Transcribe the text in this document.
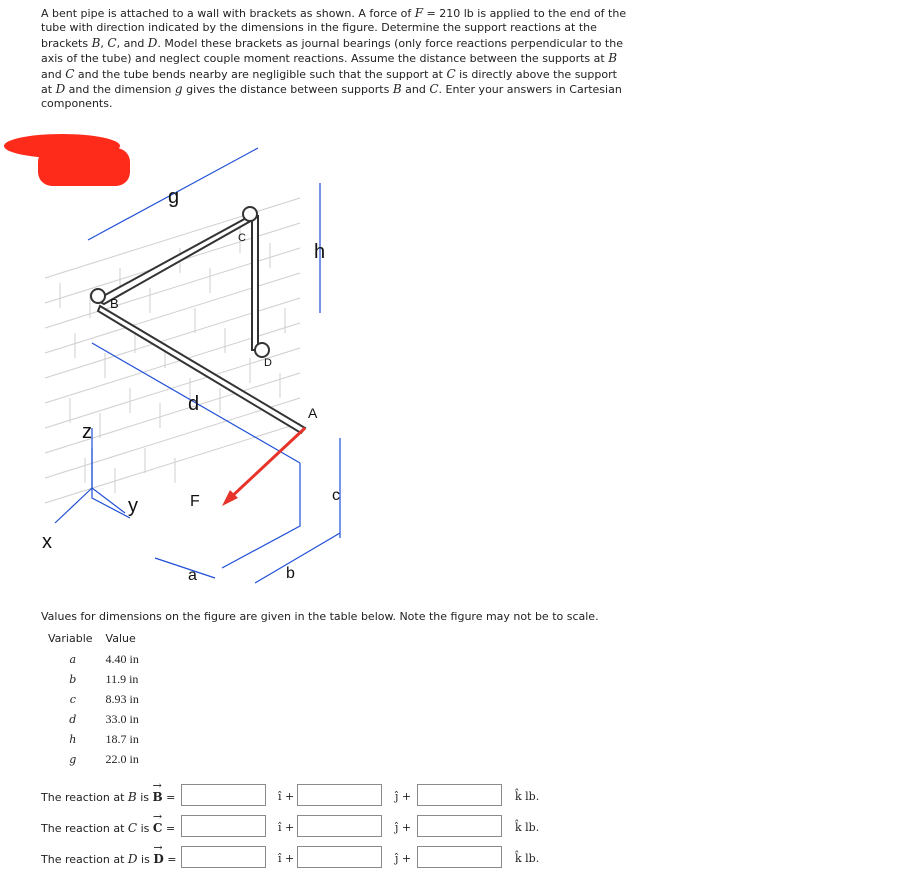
A bent pipe is attached to a wall with brackets as shown. A force of F = 210 lb is applied to the end of the tube with direction indicated by the dimensions in the figure. Determine the support reactions at the brackets B, C, and D. Model these brackets as journal bearings (only force reactions perpendicular to the axis of the tube) and neglect couple moment reactions. Assume the distance between the supports at B and C and the tube bends nearby are negligible such that the support at C is directly above the support at D and the dimension g gives the distance between supports B and C. Enter your answers in Cartesian components.
g
h
B
C
D
A
d
z
y
x
F
a	b
c
Values for dimensions on the figure are given in the table below. Note the figure may not be to scale.
Variable	Value
a	4.40 in
b	11.9 in
c	8.93 in
d	33.0 in
h	18.7 in
g	22.0 in
The reaction at B is → B =	î +	ĵ +	k̂ lb.
The reaction at C is → C =	î +	ĵ +	k̂ lb.
The reaction at D is → D =	î +	ĵ +	k̂ lb.
